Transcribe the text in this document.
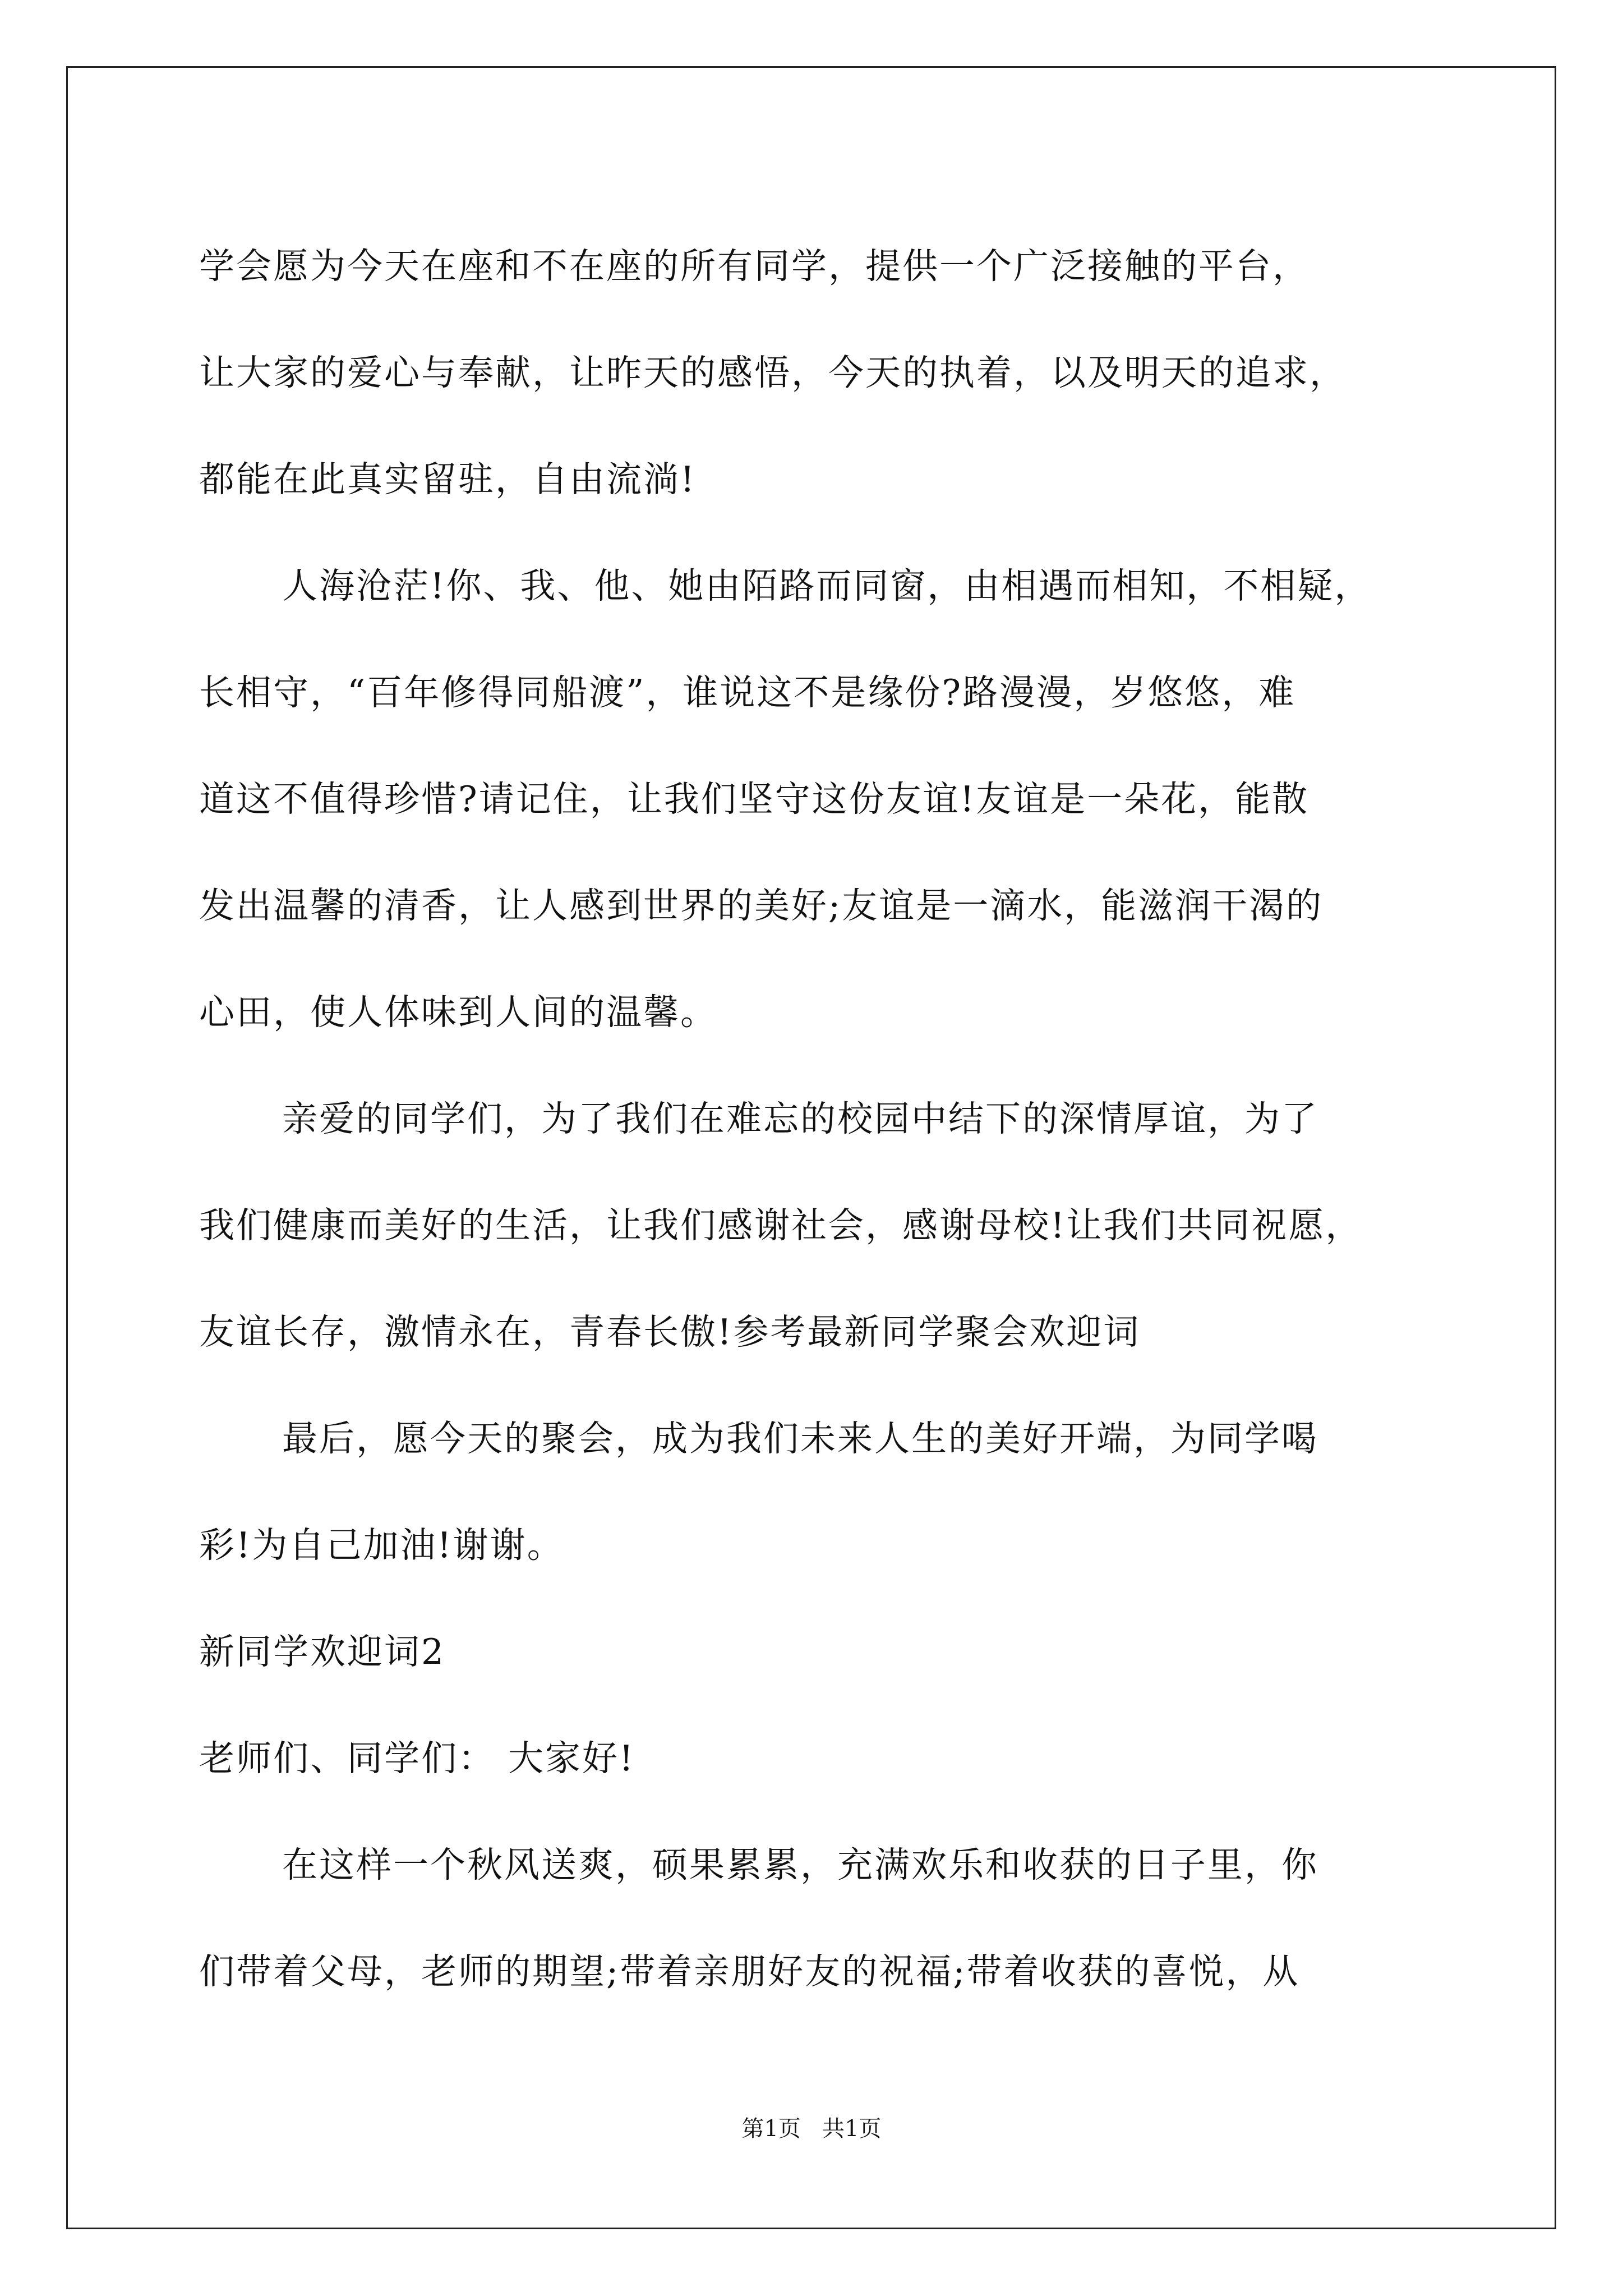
学会愿为今天在座和不在座的所有同学，提供一个广泛接触的平台，
让大家的爱心与奉献，让昨天的感悟，今天的执着，以及明天的追求，
都能在此真实留驻，自由流淌!
人海沧茫!你、我、他、她由陌路而同窗，由相遇而相知，不相疑，
长相守，“百年修得同船渡”，谁说这不是缘份?路漫漫，岁悠悠，难
道这不值得珍惜?请记住，让我们坚守这份友谊!友谊是一朵花，能散
发出温馨的清香，让人感到世界的美好;友谊是一滴水，能滋润干渴的
心田，使人体味到人间的温馨。
亲爱的同学们，为了我们在难忘的校园中结下的深情厚谊，为了
我们健康而美好的生活，让我们感谢社会，感谢母校!让我们共同祝愿，
友谊长存，激情永在，青春长傲!参考最新同学聚会欢迎词
最后，愿今天的聚会，成为我们未来人生的美好开端，为同学喝
彩!为自己加油!谢谢。
新同学欢迎词2
老师们、同学们： 大家好!
在这样一个秋风送爽，硕果累累，充满欢乐和收获的日子里，你
们带着父母，老师的期望;带着亲朋好友的祝福;带着收获的喜悦，从
第1页   共1页
